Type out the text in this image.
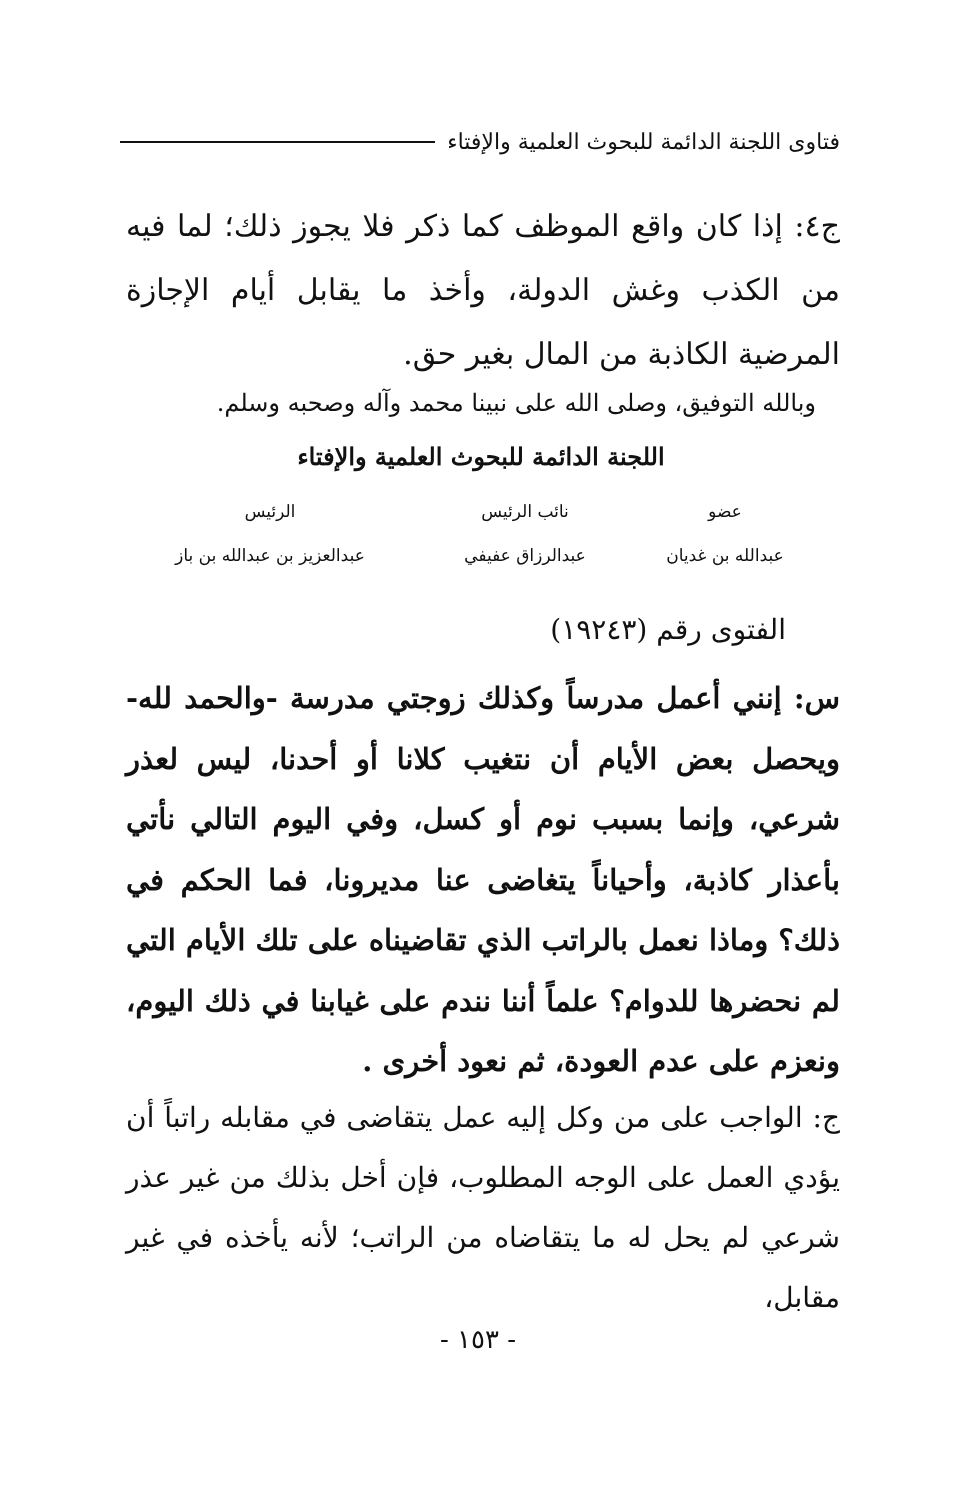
فتاوى اللجنة الدائمة للبحوث العلمية والإفتاء
ج٤: إذا كان واقع الموظف كما ذكر فلا يجوز ذلك؛ لما فيه من الكذب وغش الدولة، وأخذ ما يقابل أيام الإجازة المرضية الكاذبة من المال بغير حق.
وبالله التوفيق، وصلى الله على نبينا محمد وآله وصحبه وسلم.
اللجنة الدائمة للبحوث العلمية والإفتاء
عضو
عبدالله بن غديان
نائب الرئيس
عبدالرزاق عفيفي
الرئيس
عبدالعزيز بن عبدالله بن باز
الفتوى رقم (١٩٢٤٣)
س: إنني أعمل مدرساً وكذلك زوجتي مدرسة -والحمد لله- ويحصل بعض الأيام أن نتغيب كلانا أو أحدنا، ليس لعذر شرعي، وإنما بسبب نوم أو كسل، وفي اليوم التالي نأتي بأعذار كاذبة، وأحياناً يتغاضى عنا مديرونا، فما الحكم في ذلك؟ وماذا نعمل بالراتب الذي تقاضيناه على تلك الأيام التي لم نحضرها للدوام؟ علماً أننا نندم على غيابنا في ذلك اليوم، ونعزم على عدم العودة، ثم نعود أخرى .
ج: الواجب على من وكل إليه عمل يتقاضى في مقابله راتباً أن يؤدي العمل على الوجه المطلوب، فإن أخل بذلك من غير عذر شرعي لم يحل له ما يتقاضاه من الراتب؛ لأنه يأخذه في غير مقابل،
- ١٥٣ -
